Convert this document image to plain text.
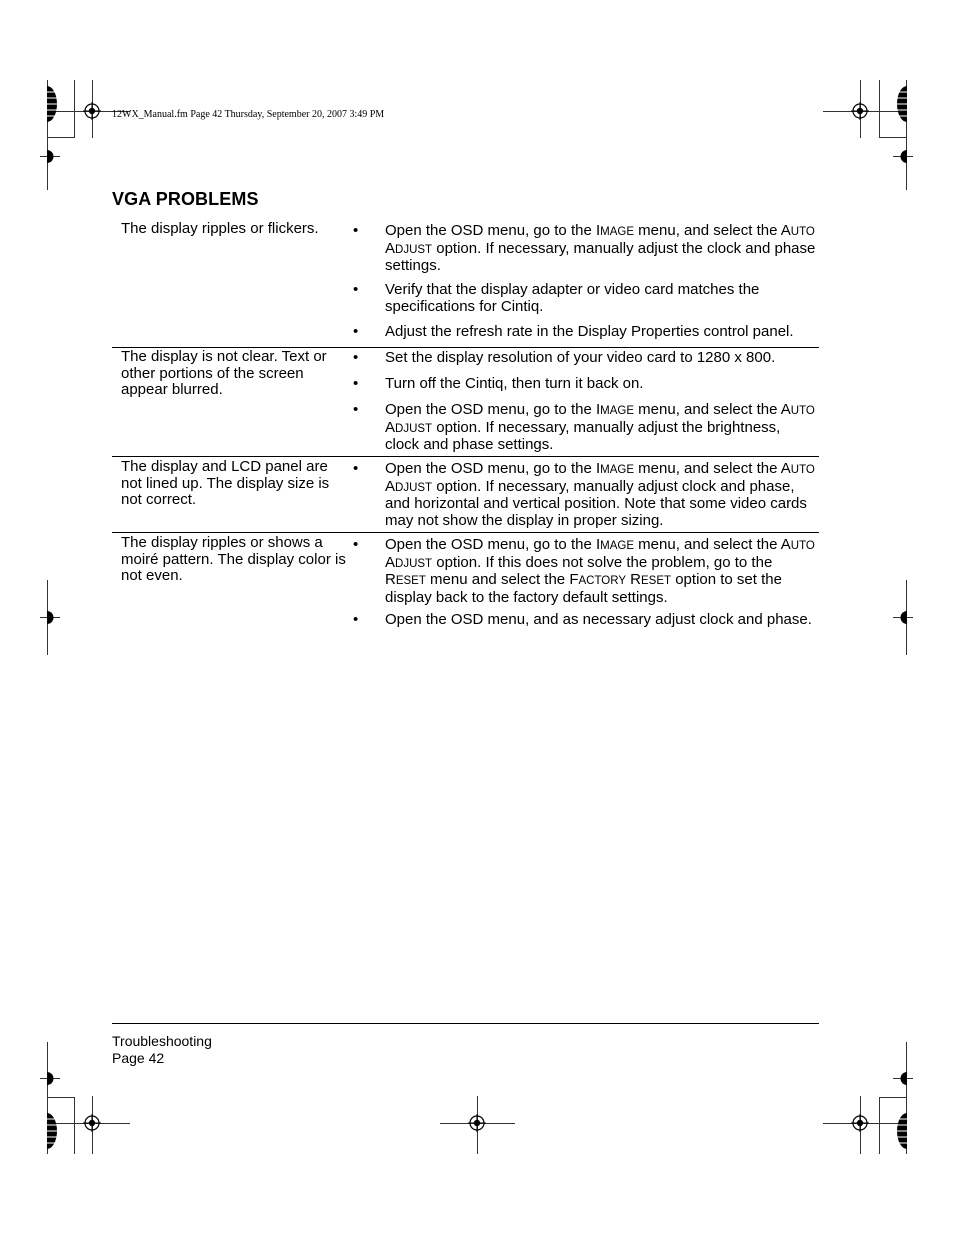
12WX_Manual.fm Page 42 Thursday, September 20, 2007 3:49 PM
VGA PROBLEMS
The display ripples or flickers.	• Open the OSD menu, go to the IMAGE menu, and select the AUTO ADJUST option. If necessary, manually adjust the clock and phase settings.
• Verify that the display adapter or video card matches the specifications for Cintiq.
• Adjust the refresh rate in the Display Properties control panel.
The display is not clear. Text or other portions of the screen appear blurred.
• Set the display resolution of your video card to 1280 x 800.
• Turn off the Cintiq, then turn it back on.
• Open the OSD menu, go to the IMAGE menu, and select the AUTO ADJUST option. If necessary, manually adjust the brightness, clock and phase settings.
The display and LCD panel are not lined up. The display size is not correct.
• Open the OSD menu, go to the IMAGE menu, and select the AUTO ADJUST option. If necessary, manually adjust clock and phase, and horizontal and vertical position. Note that some video cards may not show the display in proper sizing.
The display ripples or shows a moiré pattern. The display color is not even.
• Open the OSD menu, go to the IMAGE menu, and select the AUTO ADJUST option. If this does not solve the problem, go to the RESET menu and select the FACTORY RESET option to set the display back to the factory default settings.
• Open the OSD menu, and as necessary adjust clock and phase.
Troubleshooting
Page 42
